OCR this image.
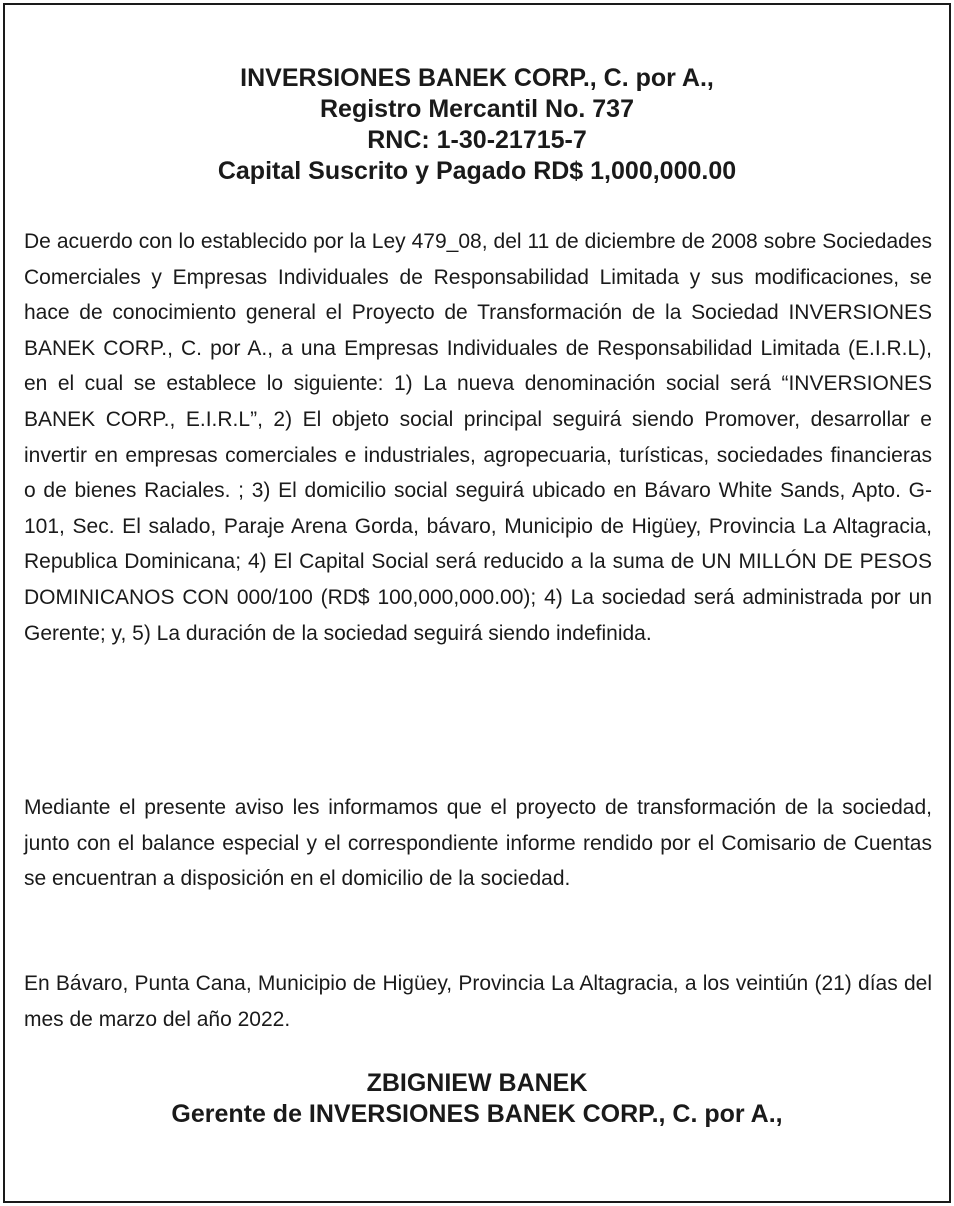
INVERSIONES BANEK CORP., C. por A.,
Registro Mercantil No. 737
RNC: 1-30-21715-7
Capital Suscrito y Pagado RD$ 1,000,000.00

De acuerdo con lo establecido por la Ley 479_08, del 11 de diciembre de 2008 sobre Sociedades Comerciales y Empresas Individuales de Responsabilidad Limitada y sus modificaciones, se hace de conocimiento general el Proyecto de Transformación de la Sociedad INVERSIONES BANEK CORP., C. por A., a una Empresas Individuales de Responsabilidad Limitada (E.I.R.L), en el cual se establece lo siguiente: 1) La nueva denominación social será “INVERSIONES BANEK CORP., E.I.R.L”, 2) El objeto social principal seguirá siendo Promover, desarrollar e invertir en empresas comerciales e industriales, agropecuaria, turísticas, sociedades financieras o de bienes Raciales. ; 3) El domicilio social seguirá ubicado en Bávaro White Sands, Apto. G-101, Sec. El salado, Paraje Arena Gorda, bávaro, Municipio de Higüey, Provincia La Altagracia, Republica Dominicana; 4) El Capital Social será reducido a la suma de UN MILLÓN DE PESOS DOMINICANOS CON 000/100 (RD$ 100,000,000.00); 4) La sociedad será administrada por un Gerente; y, 5) La duración de la sociedad seguirá siendo indefinida.

Mediante el presente aviso les informamos que el proyecto de transformación de la sociedad, junto con el balance especial y el correspondiente informe rendido por el Comisario de Cuentas se encuentran a disposición en el domicilio de la sociedad.

En Bávaro, Punta Cana, Municipio de Higüey, Provincia La Altagracia, a los veintiún (21) días del mes de marzo del año 2022.

ZBIGNIEW BANEK
Gerente de INVERSIONES BANEK CORP., C. por A.,
